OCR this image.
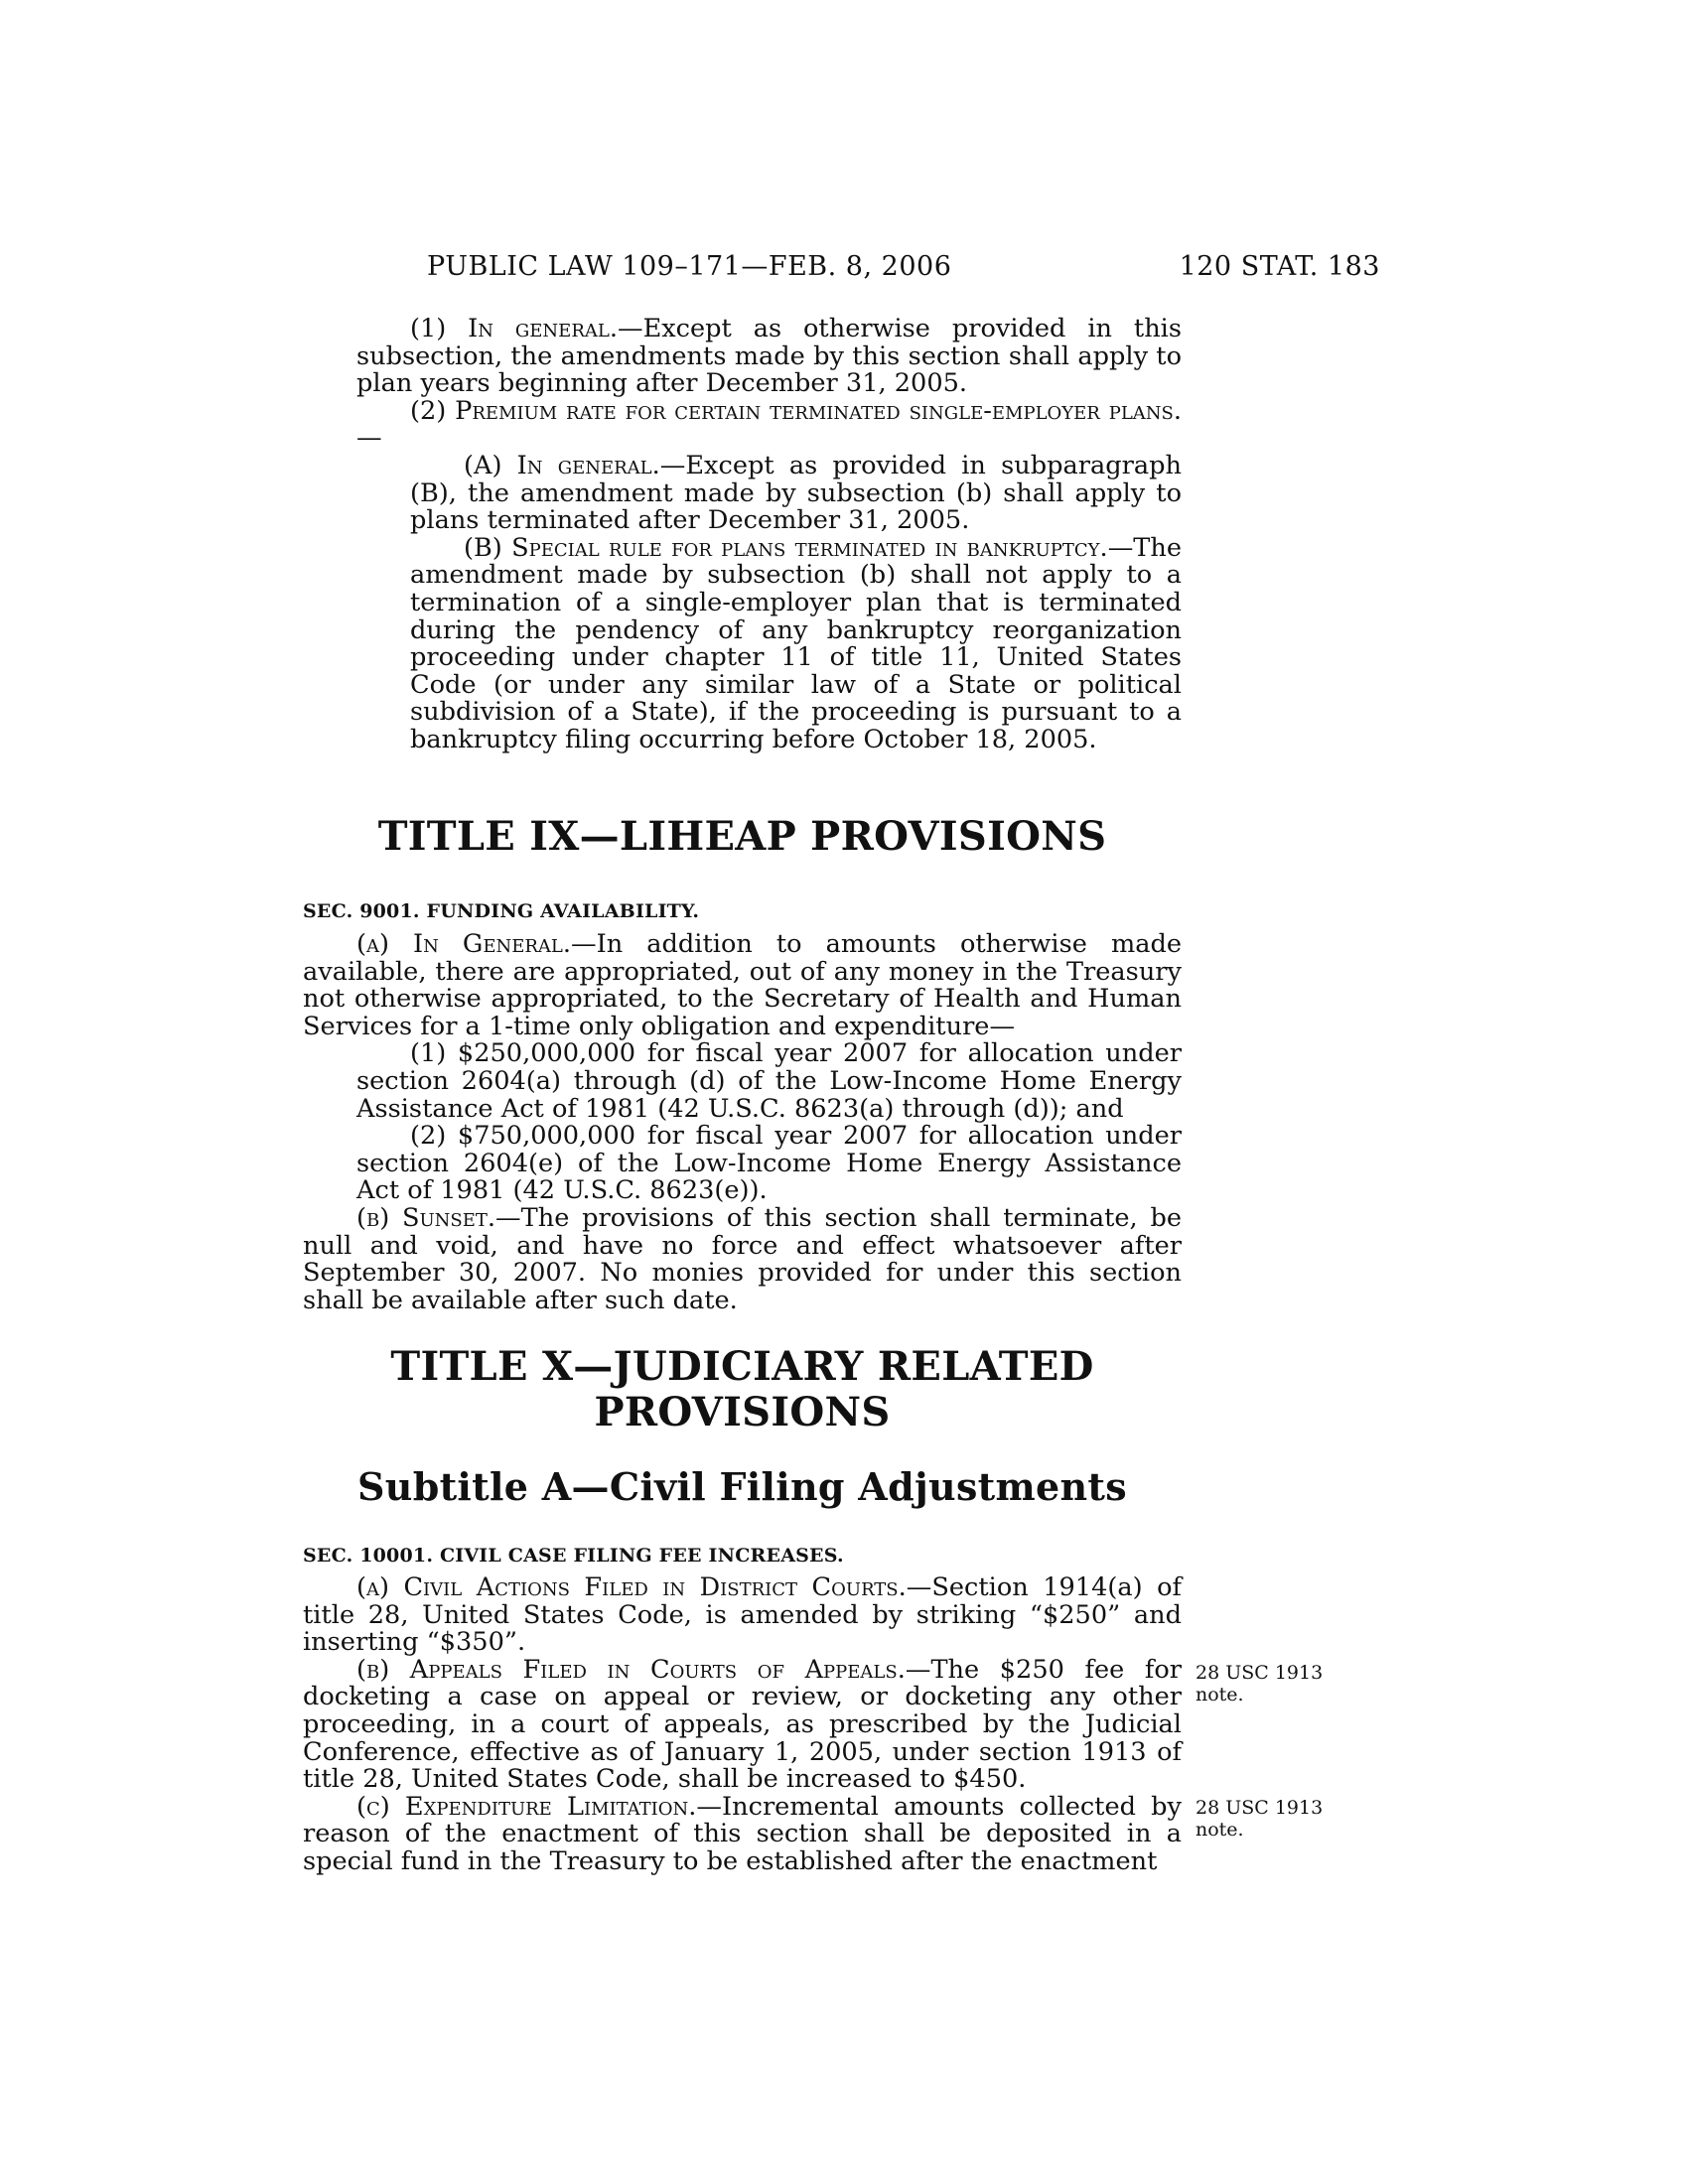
PUBLIC LAW 109–171—FEB. 8, 2006	120 STAT. 183

(1) In general.—Except as otherwise provided in this subsection, the amendments made by this section shall apply to plan years beginning after December 31, 2005.

(2) Premium rate for certain terminated single-employer plans.—

(A) In general.—Except as provided in subparagraph (B), the amendment made by subsection (b) shall apply to plans terminated after December 31, 2005.

(B) Special rule for plans terminated in bankruptcy.—The amendment made by subsection (b) shall not apply to a termination of a single-employer plan that is terminated during the pendency of any bankruptcy reorganization proceeding under chapter 11 of title 11, United States Code (or under any similar law of a State or political subdivision of a State), if the proceeding is pursuant to a bankruptcy filing occurring before October 18, 2005.

TITLE IX—LIHEAP PROVISIONS
SEC. 9001. FUNDING AVAILABILITY.

(a) In General.—In addition to amounts otherwise made available, there are appropriated, out of any money in the Treasury not otherwise appropriated, to the Secretary of Health and Human Services for a 1-time only obligation and expenditure—

(1) $250,000,000 for fiscal year 2007 for allocation under section 2604(a) through (d) of the Low-Income Home Energy Assistance Act of 1981 (42 U.S.C. 8623(a) through (d)); and

(2) $750,000,000 for fiscal year 2007 for allocation under section 2604(e) of the Low-Income Home Energy Assistance Act of 1981 (42 U.S.C. 8623(e)).

(b) Sunset.—The provisions of this section shall terminate, be null and void, and have no force and effect whatsoever after September 30, 2007. No monies provided for under this section shall be available after such date.

TITLE X—JUDICIARY RELATED
PROVISIONS
Subtitle A—Civil Filing Adjustments
SEC. 10001. CIVIL CASE FILING FEE INCREASES.

(a) Civil Actions Filed in District Courts.—Section 1914(a) of title 28, United States Code, is amended by striking “$250” and inserting “$350”.

(b) Appeals Filed in Courts of Appeals.—The $250 fee for docketing a case on appeal or review, or docketing any other proceeding, in a court of appeals, as prescribed by the Judicial Conference, effective as of January 1, 2005, under section 1913 of title 28, United States Code, shall be increased to $450.

(c) Expenditure Limitation.—Incremental amounts collected by reason of the enactment of this section shall be deposited in a special fund in the Treasury to be established after the enactment

28 USC 1913
note.
28 USC 1913
note.
